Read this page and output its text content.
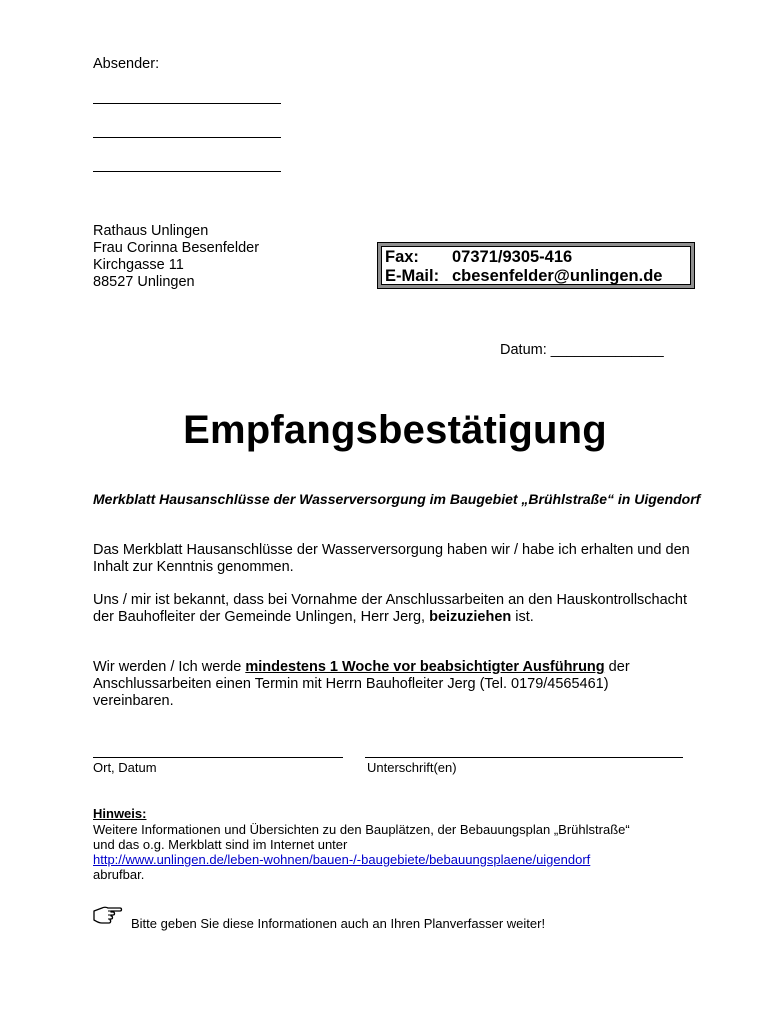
Absender:
Rathaus Unlingen
Frau Corinna Besenfelder
Kirchgasse 11
88527 Unlingen
Fax:	07371/9305-416
E-Mail: cbesenfelder@unlingen.de
Datum: ______________
Empfangsbestätigung
Merkblatt Hausanschlüsse der Wasserversorgung im Baugebiet „Brühlstraße“ in Uigendorf
Das Merkblatt Hausanschlüsse der Wasserversorgung haben wir / habe ich erhalten und den Inhalt zur Kenntnis genommen.
Uns / mir ist bekannt, dass bei Vornahme der Anschlussarbeiten an den Hauskontrollschacht der Bauhofleiter der Gemeinde Unlingen, Herr Jerg, beizuziehen ist.
Wir werden / Ich werde mindestens 1 Woche vor beabsichtigter Ausführung der Anschlussarbeiten einen Termin mit Herrn Bauhofleiter Jerg (Tel. 0179/4565461) vereinbaren.
Ort, Datum	Unterschrift(en)
Hinweis:
Weitere Informationen und Übersichten zu den Bauplätzen, der Bebauungsplan „Brühlstraße“
und das o.g. Merkblatt sind im Internet unter
http://www.unlingen.de/leben-wohnen/bauen-/-baugebiete/bebauungsplaene/uigendorf
abrufbar.
Bitte geben Sie diese Informationen auch an Ihren Planverfasser weiter!
